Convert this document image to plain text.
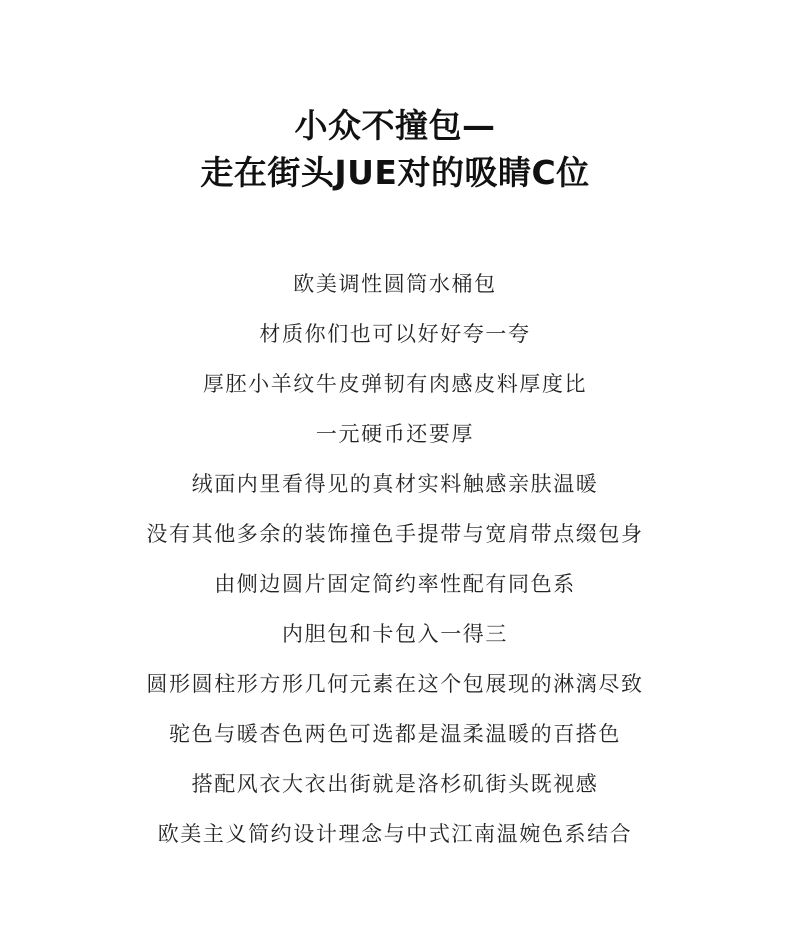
小众不撞包—
走在街头JUE对的吸睛C位
欧美调性圆筒水桶包
材质你们也可以好好夸一夸
厚胚小羊纹牛皮弹韧有肉感皮料厚度比
一元硬币还要厚
绒面内里看得见的真材实料触感亲肤温暖
没有其他多余的装饰撞色手提带与宽肩带点缀包身
由侧边圆片固定简约率性配有同色系
内胆包和卡包入一得三
圆形圆柱形方形几何元素在这个包展现的淋漓尽致
驼色与暖杏色两色可选都是温柔温暖的百搭色
搭配风衣大衣出街就是洛杉矶街头既视感
欧美主义简约设计理念与中式江南温婉色系结合
